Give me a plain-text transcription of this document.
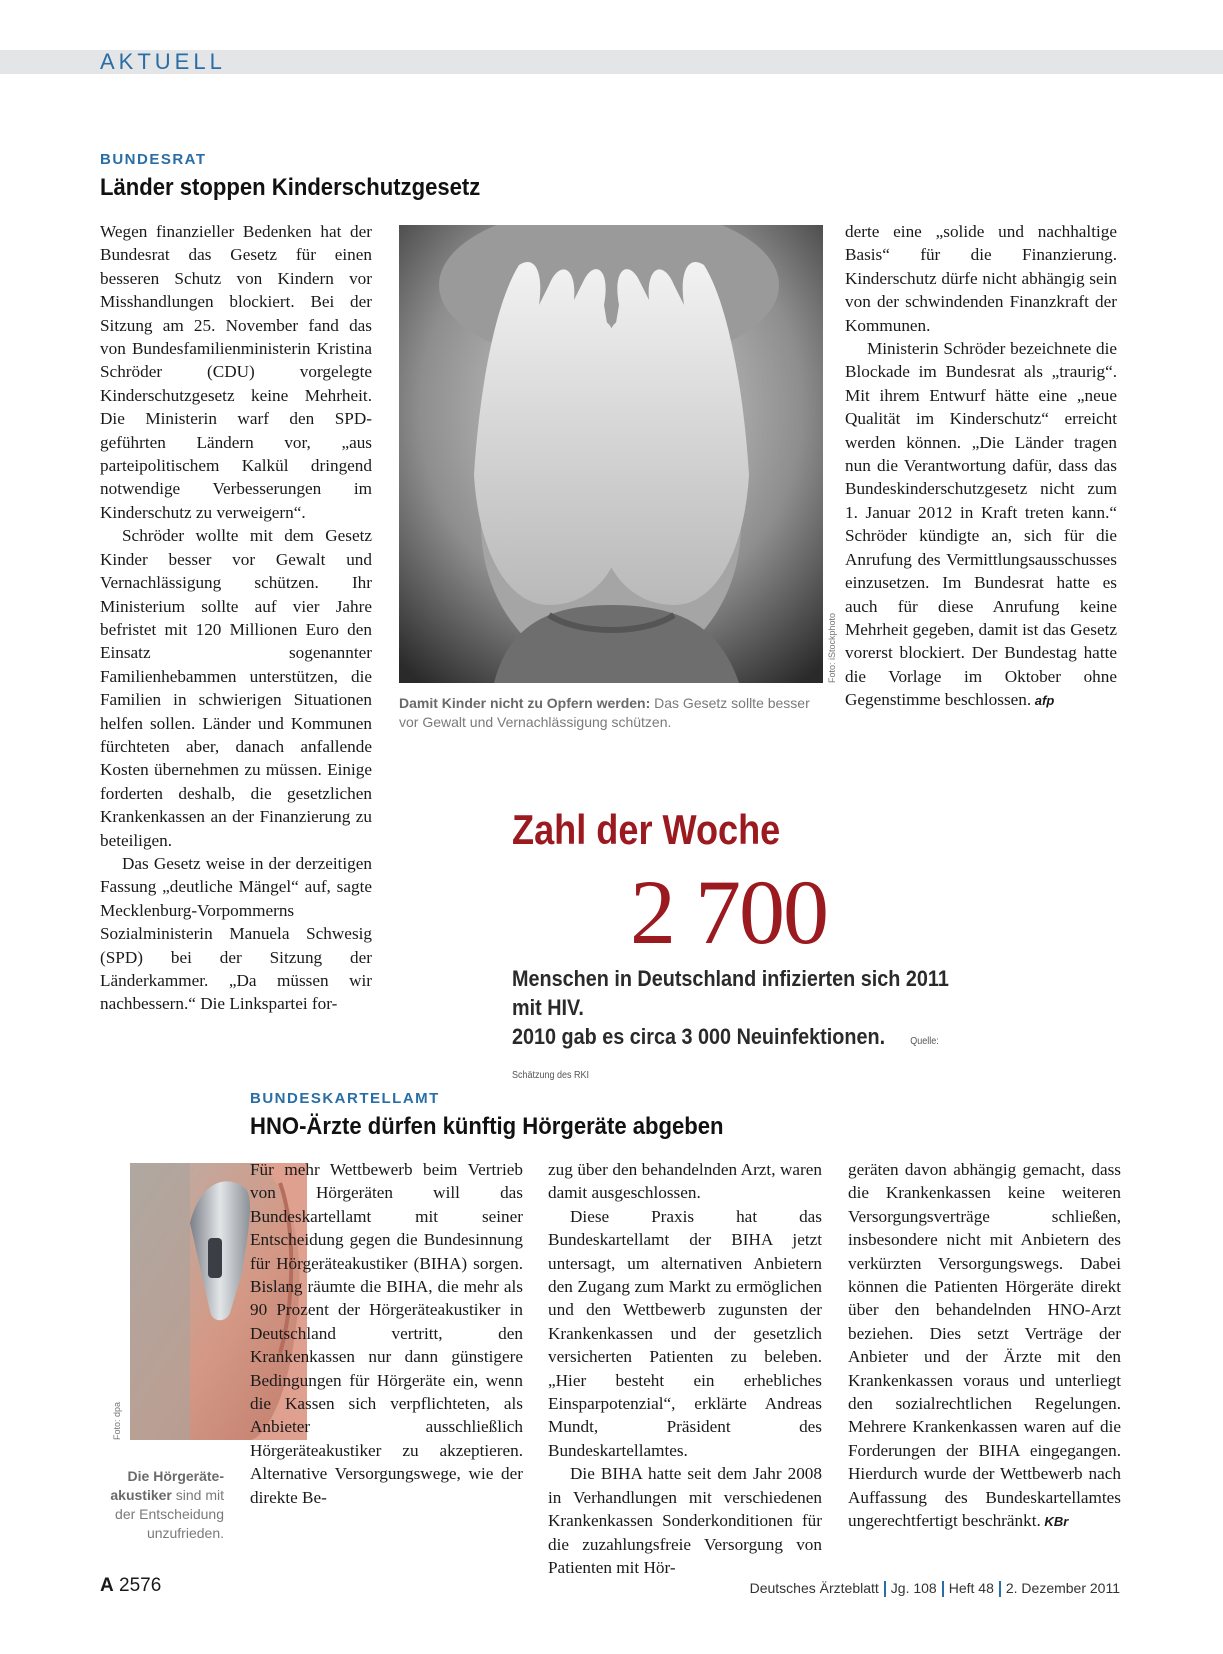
AKTUELL
BUNDESRAT
Länder stoppen Kinderschutzgesetz

Wegen finanzieller Bedenken hat der Bundesrat das Gesetz für einen besseren Schutz von Kindern vor Misshandlungen blockiert. Bei der Sitzung am 25. November fand das von Bundesfamilienministerin Kristina Schröder (CDU) vorgelegte Kinderschutzgesetz keine Mehrheit. Die Ministerin warf den SPD-geführten Ländern vor, „aus parteipolitischem Kalkül dringend notwendige Verbesserungen im Kinderschutz zu verweigern“.

Schröder wollte mit dem Gesetz Kinder besser vor Gewalt und Vernachlässigung schützen. Ihr Ministerium sollte auf vier Jahre befristet mit 120 Millionen Euro den Einsatz sogenannter Familienhebammen unterstützen, die Familien in schwierigen Situationen helfen sollen. Länder und Kommunen fürchteten aber, danach anfallende Kosten übernehmen zu müssen. Einige forderten deshalb, die gesetzlichen Krankenkassen an der Finanzierung zu beteiligen.

Das Gesetz weise in der derzeitigen Fassung „deutliche Mängel“ auf, sagte Mecklenburg-Vorpommerns Sozialministerin Manuela Schwesig (SPD) bei der Sitzung der Länderkammer. „Da müssen wir nachbessern.“ Die Linkspartei for-

Foto: iStockphoto
Damit Kinder nicht zu Opfern werden: Das Gesetz sollte besser vor Gewalt und Vernachlässigung schützen.

derte eine „solide und nachhaltige Basis“ für die Finanzierung. Kinderschutz dürfe nicht abhängig sein von der schwindenden Finanzkraft der Kommunen.

Ministerin Schröder bezeichnete die Blockade im Bundesrat als „traurig“. Mit ihrem Entwurf hätte eine „neue Qualität im Kinderschutz“ erreicht werden können. „Die Länder tragen nun die Verantwortung dafür, dass das Bundeskinderschutzgesetz nicht zum 1. Januar 2012 in Kraft treten kann.“ Schröder kündigte an, sich für die Anrufung des Vermittlungsausschusses einzusetzen. Im Bundesrat hatte es auch für diese Anrufung keine Mehrheit gegeben, damit ist das Gesetz vorerst blockiert. Der Bundestag hatte die Vorlage im Oktober ohne Gegenstimme beschlossen. afp

Zahl der Woche
2 700
Menschen in Deutschland infizierten sich 2011 mit HIV.
2010 gab es circa 3 000 Neuinfektionen.	Quelle: Schätzung des RKI
BUNDESKARTELLAMT
HNO-Ärzte dürfen künftig Hörgeräte abgeben
Foto: dpa
Die Hörgeräte-akustiker sind mit der Entscheidung unzufrieden.

Für mehr Wettbewerb beim Vertrieb von Hörgeräten will das Bundeskartellamt mit seiner Entscheidung gegen die Bundesinnung für Hörgeräteakustiker (BIHA) sorgen. Bislang räumte die BIHA, die mehr als 90 Prozent der Hörgeräteakustiker in Deutschland vertritt, den Krankenkassen nur dann günstigere Bedingungen für Hörgeräte ein, wenn die Kassen sich verpflichteten, als Anbieter ausschließlich Hörgeräteakustiker zu akzeptieren. Alternative Versorgungswege, wie der direkte Be-

zug über den behandelnden Arzt, waren damit ausgeschlossen.

Diese Praxis hat das Bundeskartellamt der BIHA jetzt untersagt, um alternativen Anbietern den Zugang zum Markt zu ermöglichen und den Wettbewerb zugunsten der Krankenkassen und der gesetzlich versicherten Patienten zu beleben. „Hier besteht ein erhebliches Einsparpotenzial“, erklärte Andreas Mundt, Präsident des Bundeskartellamtes.

Die BIHA hatte seit dem Jahr 2008 in Verhandlungen mit verschiedenen Krankenkassen Sonderkonditionen für die zuzahlungsfreie Versorgung von Patienten mit Hör-

geräten davon abhängig gemacht, dass die Krankenkassen keine weiteren Versorgungsverträge schließen, insbesondere nicht mit Anbietern des verkürzten Versorgungswegs. Dabei können die Patienten Hörgeräte direkt über den behandelnden HNO-Arzt beziehen. Dies setzt Verträge der Anbieter und der Ärzte mit den Krankenkassen voraus und unterliegt den sozialrechtlichen Regelungen. Mehrere Krankenkassen waren auf die Forderungen der BIHA eingegangen. Hierdurch wurde der Wettbewerb nach Auffassung des Bundeskartellamtes ungerechtfertigt beschränkt. KBr

A 2576	Deutsches Ärzteblatt Jg. 108 Heft 48 2. Dezember 2011
